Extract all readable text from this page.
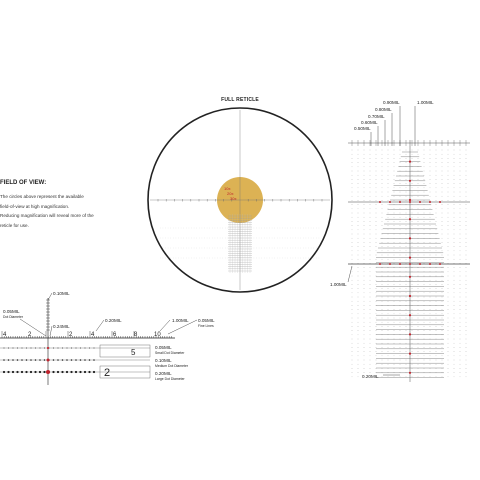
FULL RETICLE
FIELD OF VIEW:
The circles above represent the available
field-of-view at high magnification.
Reducing magnification will reveal more of the
reticle for use.
10x
20x
30x
0.90MIL
0.80MIL
0.70MIL
0.60MIL
0.50MIL
1.00MIL
1.00MIL
0.20MIL
0.10MIL
0.05MIL
Dot Diameter
0.24MIL
0.20MIL	1.00MIL 0.05MIL
Fine Lines
4	2	2	4	6	8	10
5
2
0.05MIL
Small Dot Diameter
0.10MIL
Medium Dot Diameter
0.20MIL
Large Dot Diameter
